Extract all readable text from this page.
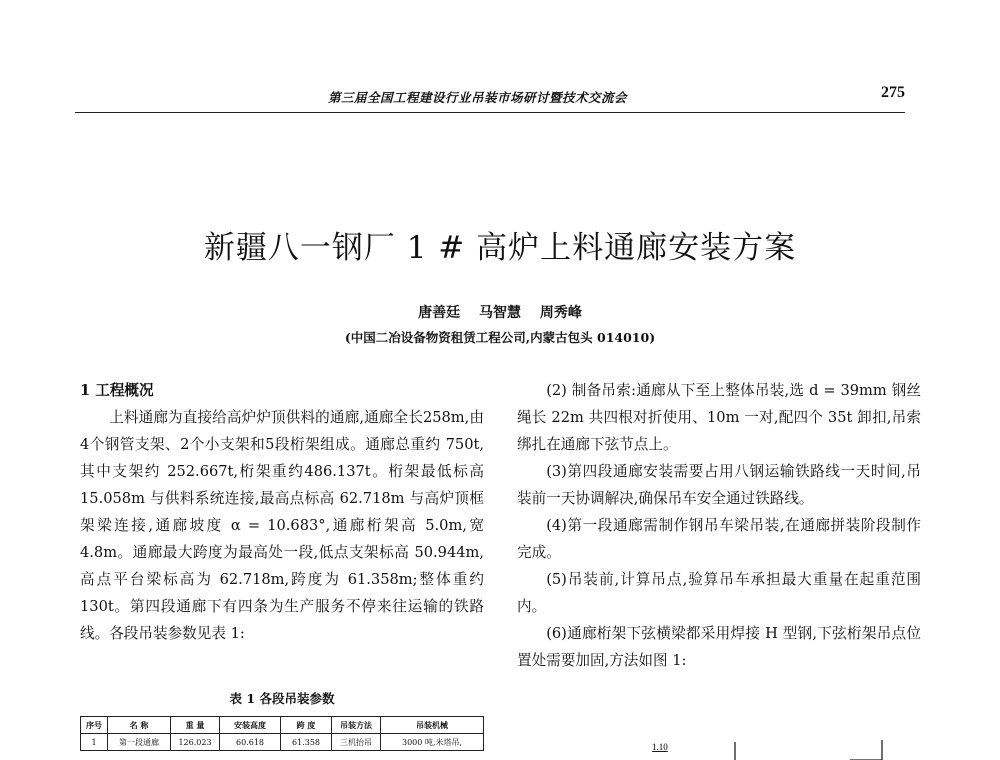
第三届全国工程建设行业吊装市场研讨暨技术交流会	275
新疆八一钢厂 1 # 高炉上料通廊安装方案
唐善廷 马智慧 周秀峰
(中国二冶设备物资租赁工程公司,内蒙古包头 014010)

1 工程概况

上料通廊为直接给高炉炉顶供料的通廊,通廊全长258m,由4个钢管支架、2个小支架和5段桁架组成。通廊总重约 750t,其中支架约 252.667t,桁架重约486.137t。桁架最低标高 15.058m 与供料系统连接,最高点标高 62.718m 与高炉顶框架梁连接,通廊坡度 α = 10.683°,通廊桁架高 5.0m,宽 4.8m。通廊最大跨度为最高处一段,低点支架标高 50.944m,高点平台梁标高为 62.718m,跨度为 61.358m;整体重约 130t。第四段通廊下有四条为生产服务不停来往运输的铁路线。各段吊装参数见表 1:

表 1 各段吊装参数
序号	名 称	重 量	安装高度	跨 度	吊装方法	吊装机械
1	第一段通廊	126.023	60.618	61.358	三机抬吊	3000 吨,米塔吊,

(2) 制备吊索:通廊从下至上整体吊装,选 d = 39mm 钢丝绳长 22m 共四根对折使用、10m 一对,配四个 35t 卸扣,吊索绑扎在通廊下弦节点上。

(3)第四段通廊安装需要占用八钢运输铁路线一天时间,吊装前一天协调解决,确保吊车安全通过铁路线。

(4)第一段通廊需制作钢吊车梁吊装,在通廊拼装阶段制作完成。

(5)吊装前,计算吊点,验算吊车承担最大重量在起重范围内。

(6)通廊桁架下弦横梁都采用焊接 H 型钢,下弦桁架吊点位置处需要加固,方法如图 1:

1.10
